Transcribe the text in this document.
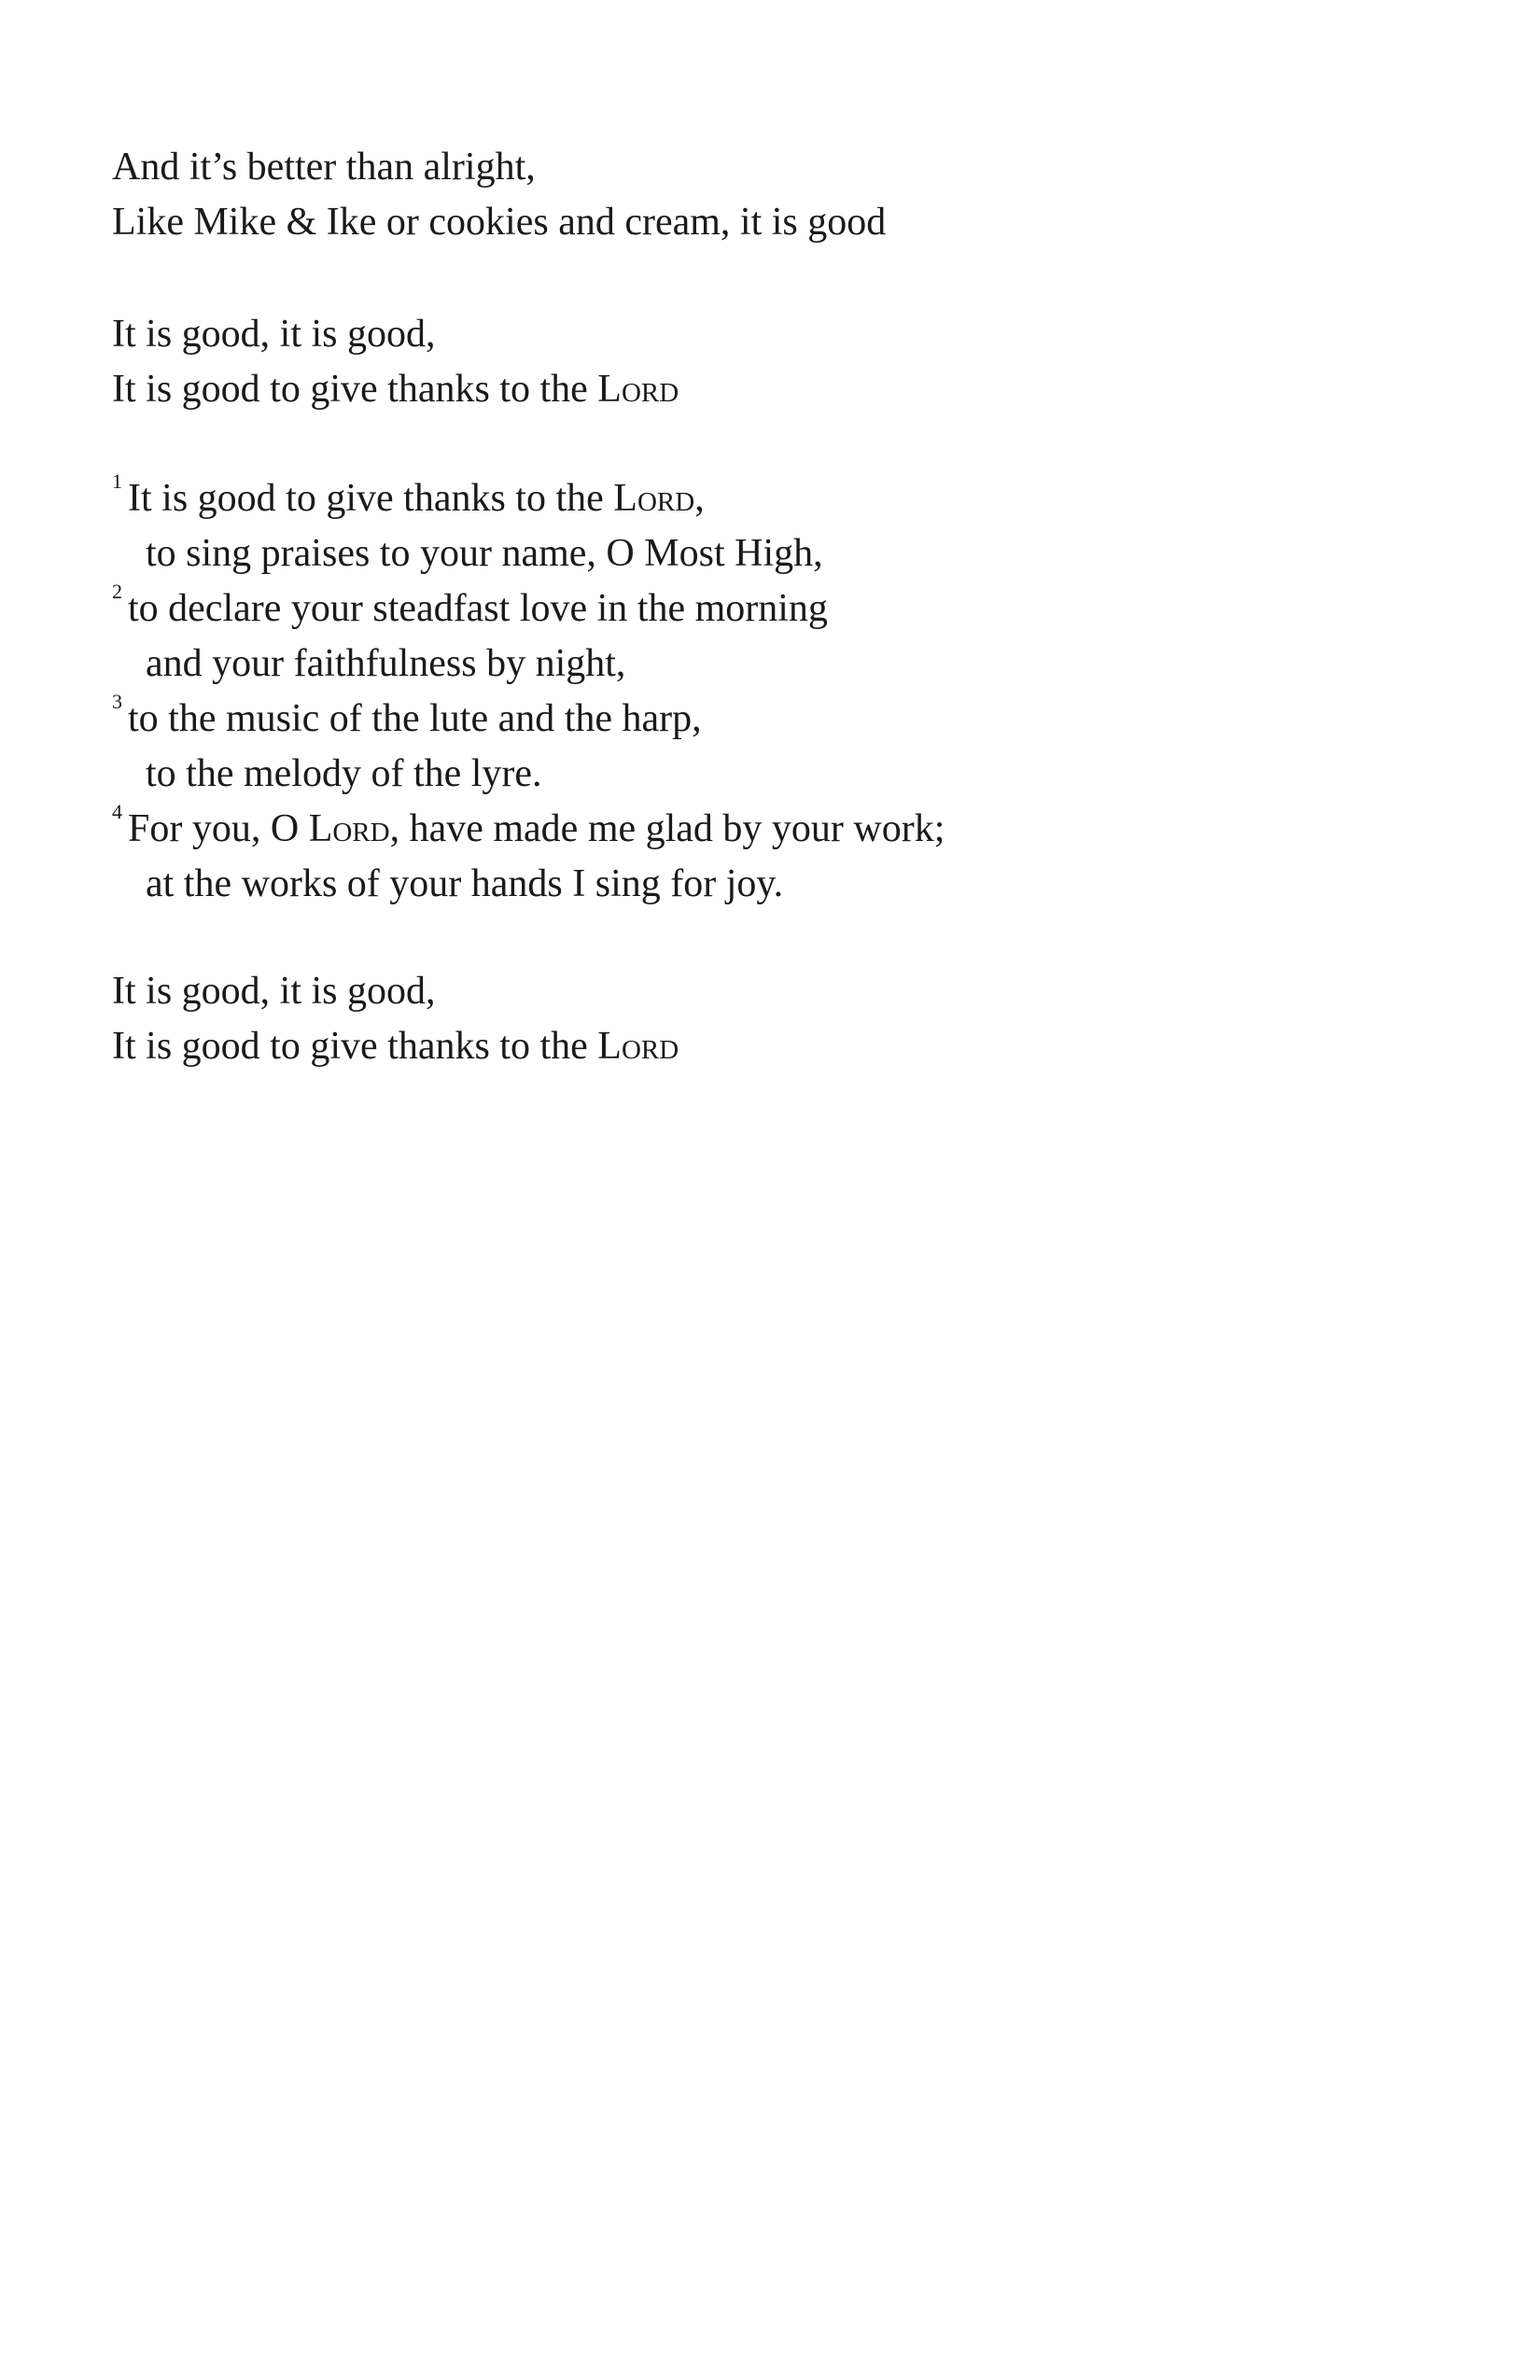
And it’s better than alright,
Like Mike & Ike or cookies and cream, it is good
It is good, it is good,
It is good to give thanks to the Lord
$^1$ It is good to give thanks to the Lord,
to sing praises to your name, O Most High,
$^2$ to declare your steadfast love in the morning
and your faithfulness by night,
$^3$ to the music of the lute and the harp,
to the melody of the lyre.
$^4$ For you, O Lord, have made me glad by your work;
at the works of your hands I sing for joy.
It is good, it is good,
It is good to give thanks to the Lord
